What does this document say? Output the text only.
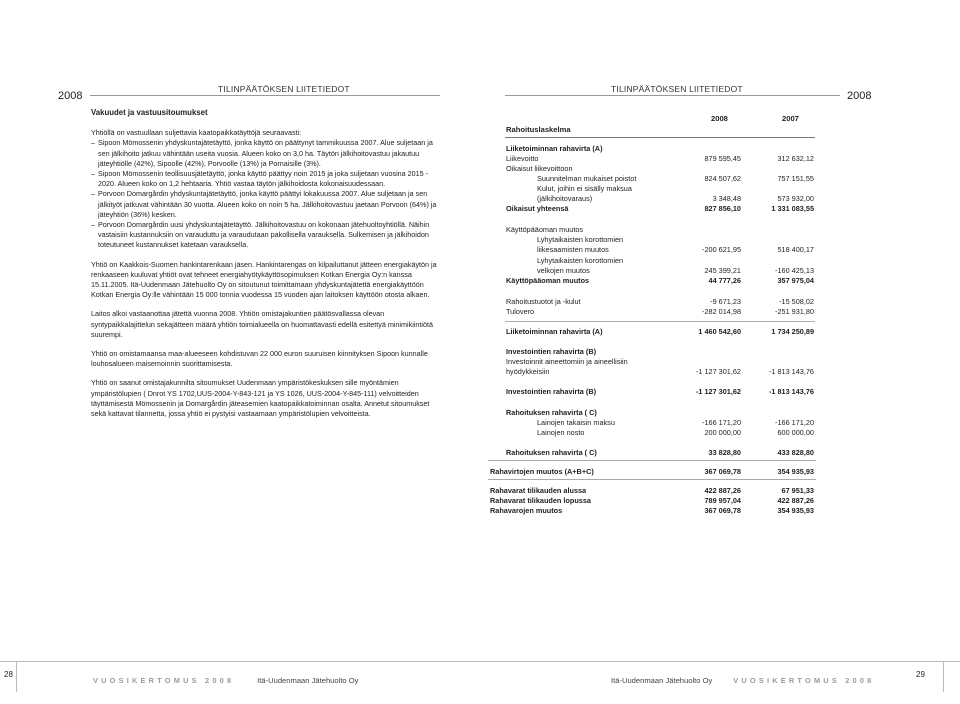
2008
TILINPÄÄTÖKSEN LIITETIEDOT	TILINPÄÄTÖKSEN LIITETIEDOT
2008
Vakuudet ja vastuusitoumukset

Yhtiöllä on vastuullaan suljettavia kaatopaikkatäyttöjä seuraavasti:

– Sipoon Mömossenin yhdyskuntajätetäyttö, jonka käyttö on päättynyt tammikuussa 2007. Alue suljetaan ja sen jälkihoito jatkuu vähintään useita vuosia. Alueen koko on 3,0 ha. Täytön jälkihoitovastuu jakautuu jäteyhtiölle (42%), Sipoolle (42%), Porvoolle (13%) ja Pornaisille (3%).

– Sipoon Mömossenin teollisuusjätetäyttö, jonka käyttö päättyy noin 2015 ja joka suljetaan vuosina 2015 - 2020. Alueen koko on 1,2 hehtaaria. Yhtiö vastaa täytön jälkihoidosta kokonaisuudessaan.

– Porvoon Domargårdin yhdyskuntajätetäyttö, jonka käyttö päättyi lokakuussa 2007. Alue suljetaan ja sen jälkityöt jatkuvat vähintään 30 vuotta. Alueen koko on noin 5 ha. Jälkihoitovastuu jaetaan Porvoon (64%) ja jäteyhtiön (36%) kesken.

– Porvoon Domargårdin uusi yhdyskuntajätetäyttö. Jälkihoitovastuu on kokonaan jätehuoltoyhtiöllä. Näihin vastaisiin kustannuksiin on varauduttu ja varaudutaan pakollisella varauksella. Sulkemisen ja jälkihoidon toteutuneet kustannukset katetaan varauksella.

Yhtiö on Kaakkois-Suomen hankintarenkaan jäsen. Hankintarengas on kilpailuttanut jätteen energiakäytön ja renkaaseen kuuluvat yhtiöt ovat tehneet energiahyötykäyttösopimuksen Kotkan Energia Oy:n kanssa 15.11.2005. Itä-Uudenmaan Jätehuolto Oy on sitoutunut toimittamaan yhdyskuntajätettä energiakäyttöön Kotkan Energia Oy:lle vähintään 15 000 tonnia vuodessa 15 vuoden ajan laitoksen käyttöön otosta alkaen.

Laitos alkoi vastaanottaa jätettä vuonna 2008. Yhtiön omistajakuntien päätösvallassa olevan syntypaikkalajittelun sekajätteen määrä yhtiön toimialueella on huomattavasti edellä esitettyä minimikiintiötä suurempi.

Yhtiö on omistamaansa maa-alueeseen kohdistuvan 22 000 euron suuruisen kiinnityksen Sipoon kunnalle louhosalueen maisemoinnin suorittamisesta.

Yhtiö on saanut omistajakunnilta sitoumukset Uudenmaan ympäristökeskuksen sille myöntämien ympäristölupien ( Dnrot YS 1702,UUS-2004-Y-843-121 ja YS 1026, UUS-2004-Y-845-111) velvoitteiden täyttämisestä Mömossenin ja Domargårdin jäteasemien kaatopaikkatoiminnan osalta. Annetut sitoumukset sekä kattavat tilannetta, jossa yhtiö ei pystyisi vastaamaan ympäristölupien velvoitteista.

2008	2007
Rahoituslaskelma
Liiketoiminnan rahavirta (A)
Liikevoitto	879 595,45	312 632,12
Oikaisut liikevoittoon
Suunnitelman mukaiset poistot	824 507,62	757 151,55
Kulut, joihin ei sisälly maksua
(jälkihoitovaraus)	3 348,48	573 932,00
Oikaisut yhteensä	827 856,10	1 331 083,55
Käyttöpääoman muutos
Lyhytaikaisten korottomien
liikesaamisten muutos	-200 621,95	518 400,17
Lyhytaikaisten korottomien
velkojen muutos	245 399,21	-160 425,13
Käyttöpääoman muutos	44 777,26	357 975,04
Rahoitustuotot ja -kulut	-9 671,23	-15 508,02
Tulovero	-282 014,98	-251 931,80
Liiketoiminnan rahavirta (A)	1 460 542,60	1 734 250,89
Investointien rahavirta (B)
Investoinnit aineettomiin ja aineellisiin
hyödykkeisiin	-1 127 301,62	-1 813 143,76
Investointien rahavirta (B)	-1 127 301,62	-1 813 143,76
Rahoituksen rahavirta ( C)
Lainojen takaisin maksu	-166 171,20	-166 171,20
Lainojen nosto	200 000,00	600 000,00
Rahoituksen rahavirta ( C)	33 828,80	433 828,80
Rahavirtojen muutos (A+B+C)	367 069,78	354 935,93
Rahavarat tilikauden alussa	422 887,26	67 951,33
Rahavarat tilikauden lopussa	789 957,04	422 887,26
Rahavarojen muutos	367 069,78	354 935,93
28
VUOSIKERTOMUS 2008	Itä-Uudenmaan Jätehuolto Oy	Itä-Uudenmaan Jätehuolto Oy	VUOSIKERTOMUS 2008
29
